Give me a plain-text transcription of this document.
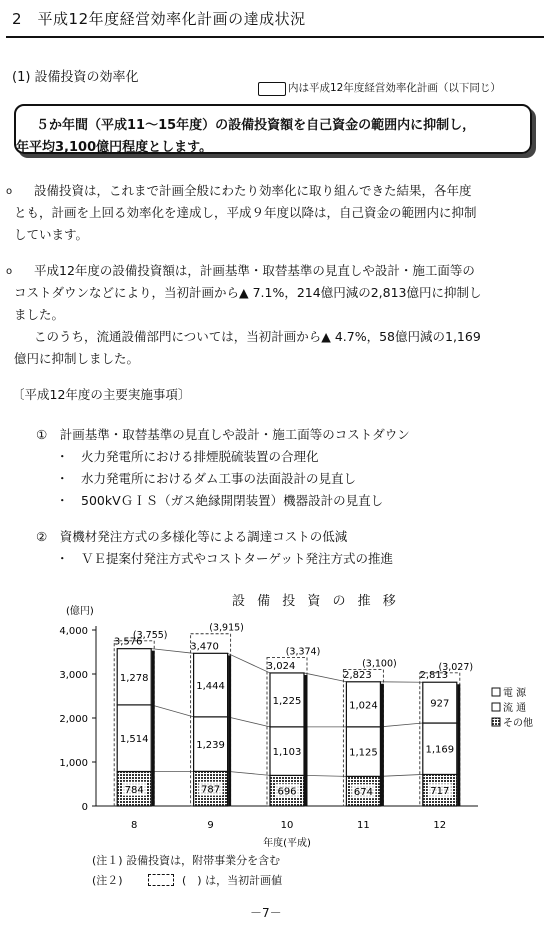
2　平成12年度経営効率化計画の達成状況
(1) 設備投資の効率化
内は平成12年度経営効率化計画（以下同じ）
５か年間（平成11～15年度）の設備投資額を自己資金の範囲内に抑制し，
年平均3,100億円程度とします。
o 設備投資は，これまで計画全般にわたり効率化に取り組んできた結果，各年度
とも，計画を上回る効率化を達成し，平成９年度以降は，自己資金の範囲内に抑制
しています。
o 平成12年度の設備投資額は，計画基準・取替基準の見直しや設計・施工面等の
コストダウンなどにより，当初計画から▲ 7.1%，214億円減の2,813億円に抑制し
ました。
このうち，流通設備部門については，当初計画から▲ 4.7%，58億円減の1,169
億円に抑制しました。
〔平成12年度の主要実施事項〕
①　計画基準・取替基準の見直しや設計・施工面等のコストダウン
・　火力発電所における排煙脱硫装置の合理化
・　水力発電所におけるダム工事の法面設計の見直し
・　500kVＧＩＳ（ガス絶縁開閉装置）機器設計の見直し
②　資機材発注方式の多様化等による調達コストの低減
・　ＶＥ提案付発注方式やコストターゲット発注方式の推進
設 備 投 資 の 推 移
(億円)
0
1,000
2,000
3,000
4,000
784
1,514
1,278
3,576
(3,755)
8
787
1,239
1,444
3,470
(3,915)
9
696
1,103
1,225
3,024
(3,374)
10
674
1,125
1,024
2,823
(3,100)
11
717
1,169
927
2,813
(3,027)
12
年度(平成)
電 源
流 通
その他
(注１) 設備投資は，附帯事業分を含む
(注２)	(　) は，当初計画値
－7－
